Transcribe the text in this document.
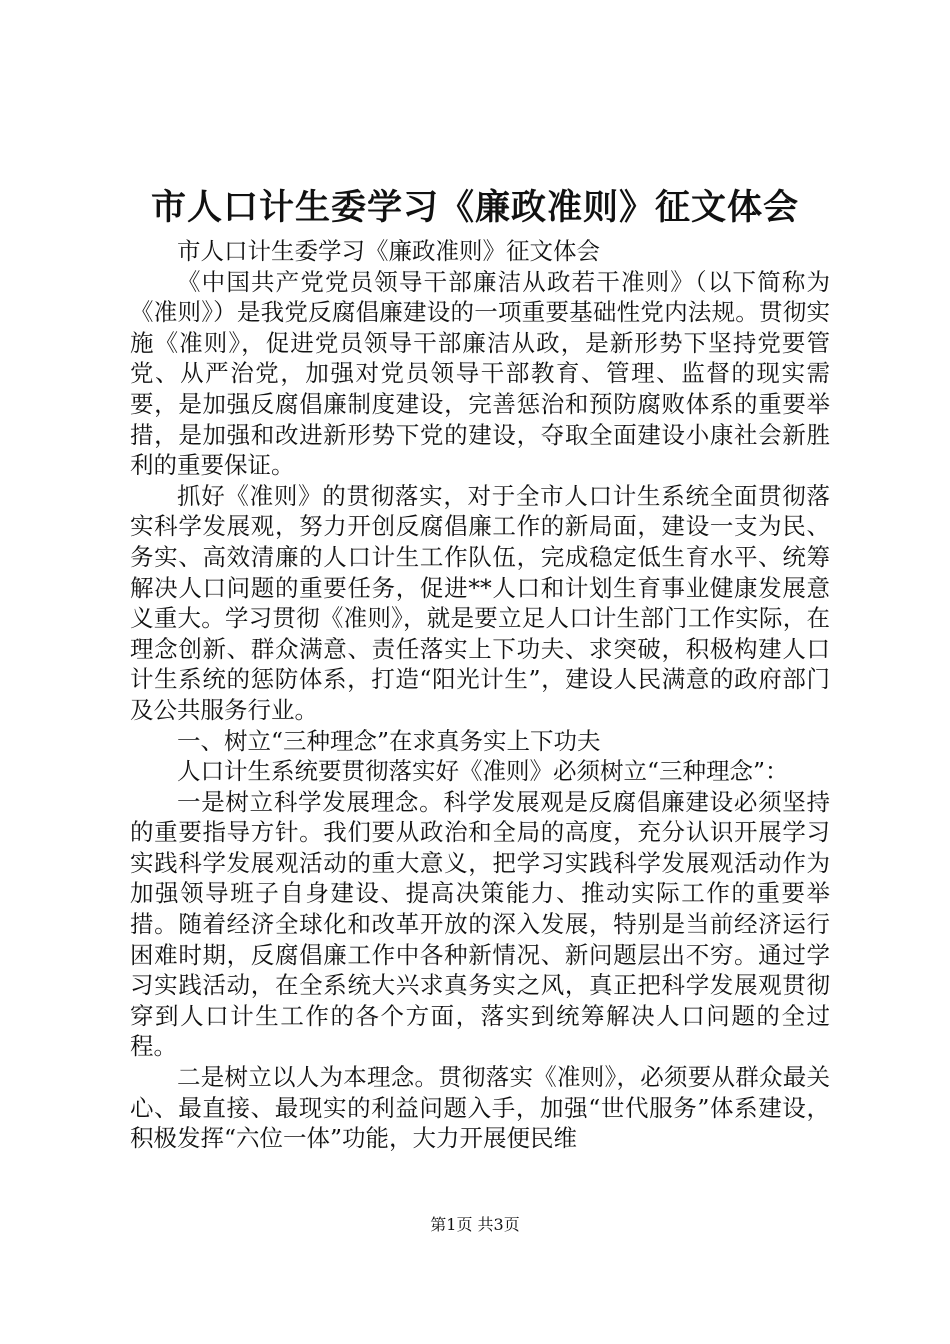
市人口计生委学习《廉政准则》征文体会

市人口计生委学习《廉政准则》征文体会

《中国共产党党员领导干部廉洁从政若干准则》（以下简称为《准则》）是我党反腐倡廉建设的一项重要基础性党内法规。贯彻实施《准则》，促进党员领导干部廉洁从政，是新形势下坚持党要管党、从严治党，加强对党员领导干部教育、管理、监督的现实需要，是加强反腐倡廉制度建设，完善惩治和预防腐败体系的重要举措，是加强和改进新形势下党的建设，夺取全面建设小康社会新胜利的重要保证。

抓好《准则》的贯彻落实，对于全市人口计生系统全面贯彻落实科学发展观，努力开创反腐倡廉工作的新局面，建设一支为民、务实、高效清廉的人口计生工作队伍，完成稳定低生育水平、统筹解决人口问题的重要任务，促进**人口和计划生育事业健康发展意义重大。学习贯彻《准则》，就是要立足人口计生部门工作实际，在理念创新、群众满意、责任落实上下功夫、求突破，积极构建人口计生系统的惩防体系，打造“阳光计生”，建设人民满意的政府部门及公共服务行业。

一、树立“三种理念”在求真务实上下功夫

人口计生系统要贯彻落实好《准则》必须树立“三种理念”：

一是树立科学发展理念。科学发展观是反腐倡廉建设必须坚持的重要指导方针。我们要从政治和全局的高度，充分认识开展学习实践科学发展观活动的重大意义，把学习实践科学发展观活动作为加强领导班子自身建设、提高决策能力、推动实际工作的重要举措。随着经济全球化和改革开放的深入发展，特别是当前经济运行困难时期，反腐倡廉工作中各种新情况、新问题层出不穷。通过学习实践活动，在全系统大兴求真务实之风，真正把科学发展观贯彻穿到人口计生工作的各个方面，落实到统筹解决人口问题的全过程。

二是树立以人为本理念。贯彻落实《准则》，必须要从群众最关心、最直接、最现实的利益问题入手，加强“世代服务”体系建设，积极发挥“六位一体”功能，大力开展便民维

第1页 共3页
